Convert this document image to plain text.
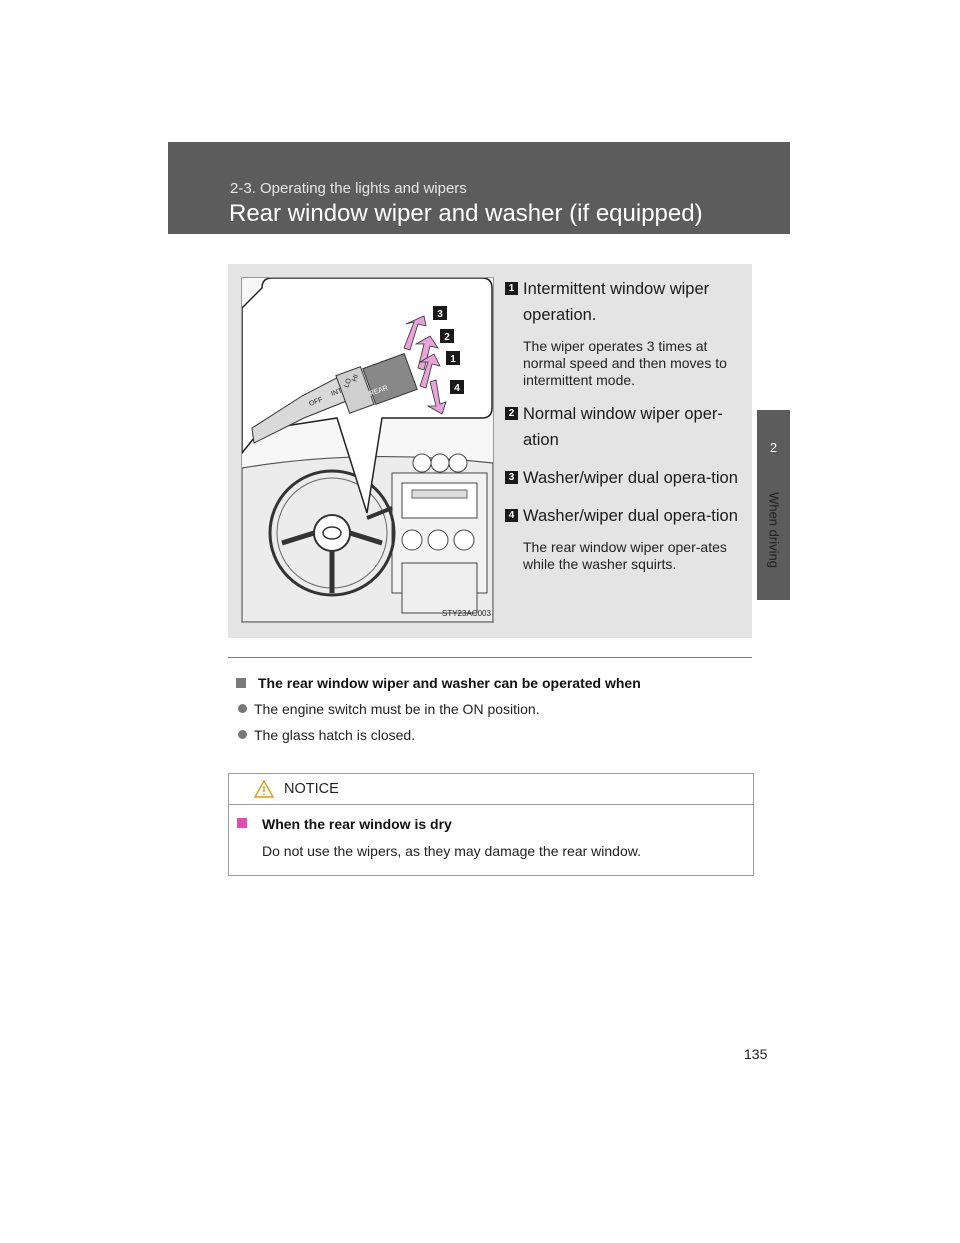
2-3. Operating the lights and wipers
Rear window wiper and washer (if equipped)
2
When driving
OFF
INT
LO
HI
REAR
3
2
1
4
STY23AC003
1 Intermittent window wiper operation.
The wiper operates 3 times at normal speed and then moves to intermittent mode.
2 Normal window wiper oper-ation
3 Washer/wiper dual opera-tion
4 Washer/wiper dual opera-tion
The rear window wiper oper-ates while the washer squirts.
The rear window wiper and washer can be operated when
The engine switch must be in the ON position.
The glass hatch is closed.
NOTICE
When the rear window is dry
Do not use the wipers, as they may damage the rear window.
135
